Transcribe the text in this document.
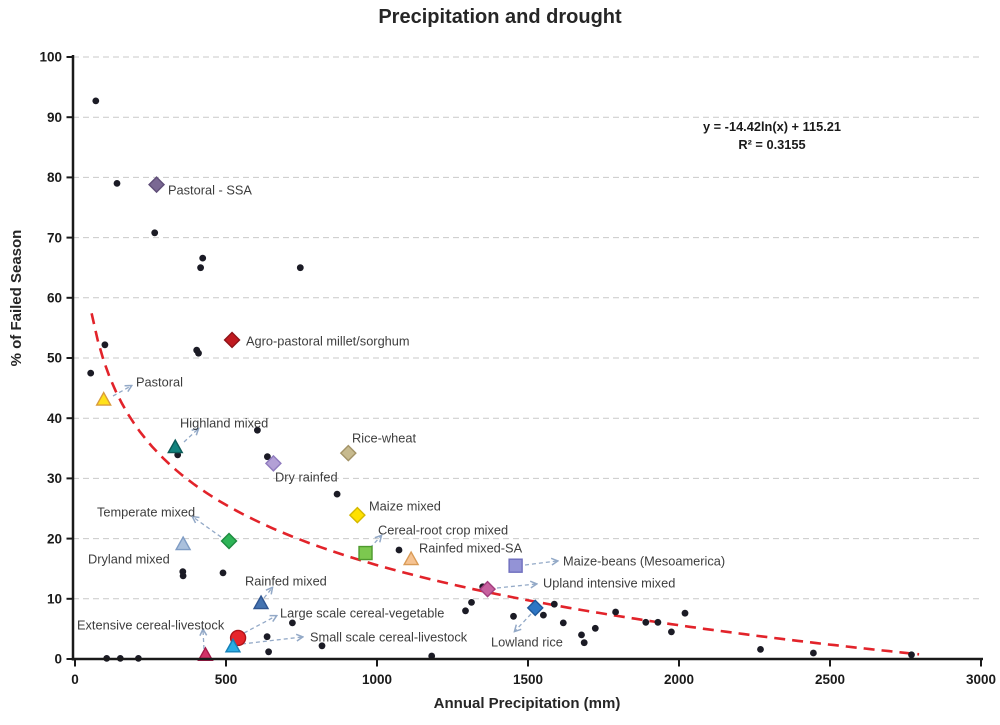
Precipitation and drought
Pastoral - SSA
Agro-pastoral millet/sorghum
Pastoral
Highland mixed
Dry rainfed
Rice-wheat
Maize mixed
Temperate mixed
Dryland mixed
Cereal-root crop mixed
Rainfed mixed-SA
Maize-beans (Mesoamerica)
Upland intensive mixed
Lowland rice
Rainfed mixed
Large scale cereal-vegetable
Small scale cereal-livestock
Extensive cereal-livestock
0
10
20
30
40
50
60
70
80
90
100
0	500	1000	1500	2000	2500	3000
y = -14.42ln(x) + 115.21
R² = 0.3155
Annual Precipitation (mm)
% of Failed Season
